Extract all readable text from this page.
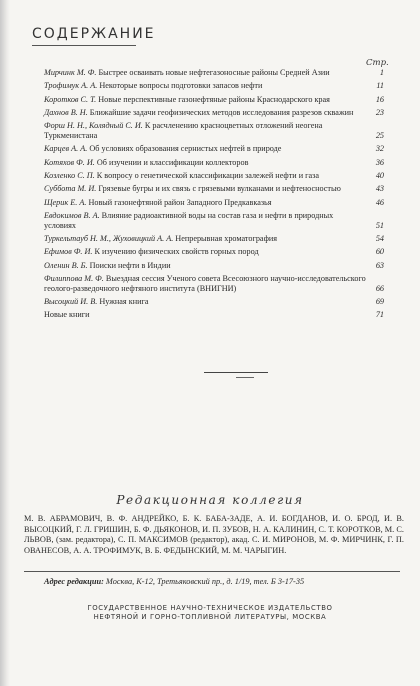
СОДЕРЖАНИЕ
Стр.
Мирчинк М. Ф. Быстрее осваивать новые нефтегазоносные районы Средней Азии	1
Трофимук А. А. Некоторые вопросы подготовки запасов нефти	11
Коротков С. Т. Новые перспективные газонефтяные районы Краснодарского края	16
Дахнов В. Н. Ближайшие задачи геофизических методов исследования разрезов скважин	23
Форш Н. Н., Колядный С. И. К расчленению красноцветных отложений неогена Туркменистана	25
Карцев А. А. Об условиях образования сернистых нефтей в природе	32
Котяхов Ф. И. Об изучении и классификации коллекторов	36
Козленко С. П. К вопросу о генетической классификации залежей нефти и газа	40
Суббота М. И. Грязевые бугры и их связь с грязевыми вулканами и нефтеносностью	43
Щерик Е. А. Новый газонефтяной район Западного Предкавказья	46
Евдокимов В. А. Влияние радиоактивной воды на состав газа и нефти в природных условиях	51
Туркельтауб Н. М., Жуховицкий А. А. Непрерывная хроматография	54
Ефимов Ф. И. К изучению физических свойств горных пород	60
Оленин В. Б. Поиски нефти в Индии	63
Филиппова М. Ф. Выездная сессия Ученого совета Всесоюзного научно-исследовательского геолого-разведочного нефтяного института (ВНИГНИ)	66
Высоцкий И. В. Нужная книга	69
Новые книги	71
Редакционная коллегия
М. В. АБРАМОВИЧ, В. Ф. АНДРЕЙКО, Б. К. БАБА-ЗАДЕ, А. И. БОГДАНОВ, И. О. БРОД, И. В. ВЫСОЦКИЙ, Г. Л. ГРИШИН, Б. Ф. ДЬЯКОНОВ, И. П. ЗУБОВ, Н. А. КАЛИНИН, С. Т. КОРОТКОВ, М. С. ЛЬВОВ, (зам. редактора), С. П. МАКСИМОВ (редактор), акад. С. И. МИРОНОВ, М. Ф. МИРЧИНК, Г. П. ОВАНЕСОВ, А. А. ТРОФИМУК, В. Б. ФЕДЫНСКИЙ, М. М. ЧАРЫГИН.
Адрес редакции: Москва, К-12, Третьяковский пр., д. 1/19, тел. Б 3-17-35
ГОСУДАРСТВЕННОЕ НАУЧНО-ТЕХНИЧЕСКОЕ ИЗДАТЕЛЬСТВО
НЕФТЯНОЙ И ГОРНО-ТОПЛИВНОЙ ЛИТЕРАТУРЫ, МОСКВА
